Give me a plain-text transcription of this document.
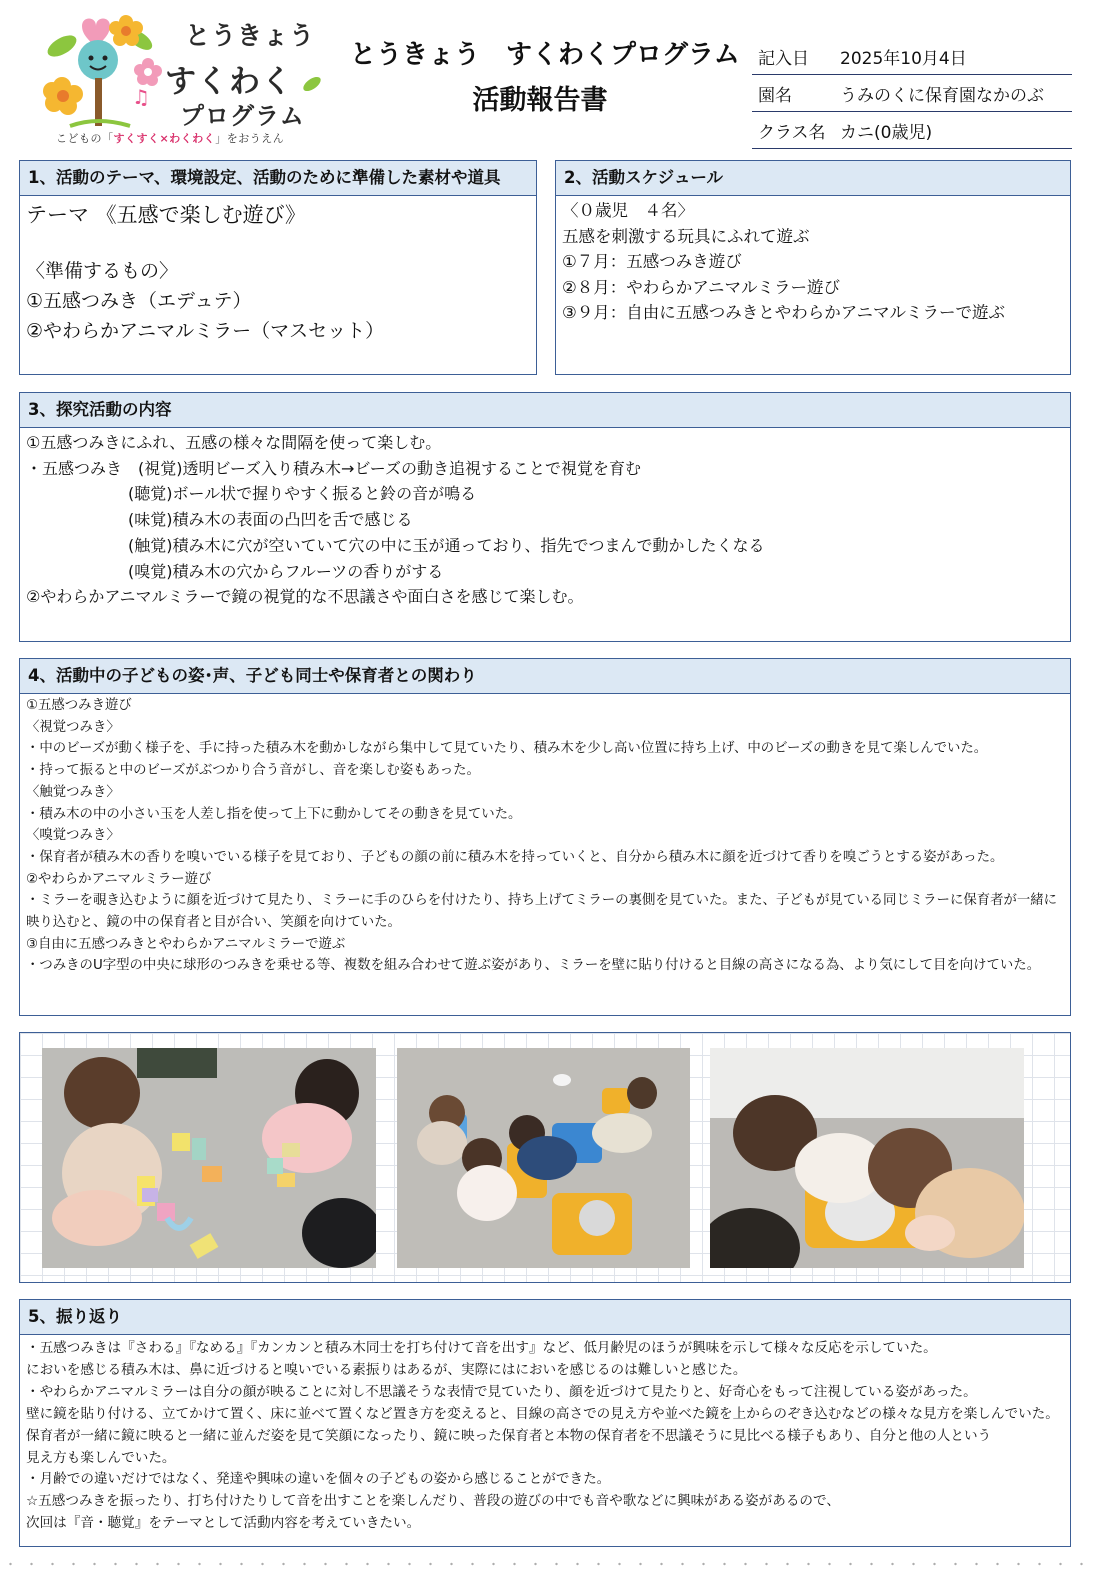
♫
とうきょう
すくわく
プログラム
こどもの「すくすく×わくわく」をおうえん
とうきょう　すくわくプログラム
活動報告書
記入日	2025年10月4日
園名	うみのくに保育園なかのぶ
クラス名 カニ(0歳児)
1、活動のテーマ、環境設定、活動のために準備した素材や道具
テーマ 《五感で楽しむ遊び》
〈準備するもの〉
①五感つみき（エデュテ）
②やわらかアニマルミラー（マスセット）
2、活動スケジュール
〈０歳児　４名〉
五感を刺激する玩具にふれて遊ぶ
①７月：五感つみき遊び
②８月：やわらかアニマルミラー遊び
③９月：自由に五感つみきとやわらかアニマルミラーで遊ぶ
3、探究活動の内容
①五感つみきにふれ、五感の様々な間隔を使って楽しむ。
・五感つみき　(視覚)透明ビーズ入り積み木→ビーズの動き追視することで視覚を育む
(聴覚)ボール状で握りやすく振ると鈴の音が鳴る
(味覚)積み木の表面の凸凹を舌で感じる
(触覚)積み木に穴が空いていて穴の中に玉が通っており、指先でつまんで動かしたくなる
(嗅覚)積み木の穴からフルーツの香りがする
②やわらかアニマルミラーで鏡の視覚的な不思議さや面白さを感じて楽しむ。
4、活動中の子どもの姿･声、子ども同士や保育者との関わり
①五感つみき遊び
〈視覚つみき〉
・中のビーズが動く様子を、手に持った積み木を動かしながら集中して見ていたり、積み木を少し高い位置に持ち上げ、中のビーズの動きを見て楽しんでいた。
・持って振ると中のビーズがぶつかり合う音がし、音を楽しむ姿もあった。
〈触覚つみき〉
・積み木の中の小さい玉を人差し指を使って上下に動かしてその動きを見ていた。
〈嗅覚つみき〉
・保育者が積み木の香りを嗅いでいる様子を見ており、子どもの顔の前に積み木を持っていくと、自分から積み木に顔を近づけて香りを嗅ごうとする姿があった。
②やわらかアニマルミラー遊び
・ミラーを覗き込むように顔を近づけて見たり、ミラーに手のひらを付けたり、持ち上げてミラーの裏側を見ていた。また、子どもが見ている同じミラーに保育者が一緒に
映り込むと、鏡の中の保育者と目が合い、笑顔を向けていた。
③自由に五感つみきとやわらかアニマルミラーで遊ぶ
・つみきのU字型の中央に球形のつみきを乗せる等、複数を組み合わせて遊ぶ姿があり、ミラーを壁に貼り付けると目線の高さになる為、より気にして目を向けていた。
5、振り返り
・五感つみきは『さわる』『なめる』『カンカンと積み木同士を打ち付けて音を出す』など、低月齢児のほうが興味を示して様々な反応を示していた。
においを感じる積み木は、鼻に近づけると嗅いでいる素振りはあるが、実際にはにおいを感じるのは難しいと感じた。
・やわらかアニマルミラーは自分の顔が映ることに対し不思議そうな表情で見ていたり、顔を近づけて見たりと、好奇心をもって注視している姿があった。
壁に鏡を貼り付ける、立てかけて置く、床に並べて置くなど置き方を変えると、目線の高さでの見え方や並べた鏡を上からのぞき込むなどの様々な見方を楽しんでいた。
保育者が一緒に鏡に映ると一緒に並んだ姿を見て笑顔になったり、鏡に映った保育者と本物の保育者を不思議そうに見比べる様子もあり、自分と他の人という
見え方も楽しんでいた。
・月齢での違いだけではなく、発達や興味の違いを個々の子どもの姿から感じることができた。
☆五感つみきを振ったり、打ち付けたりして音を出すことを楽しんだり、普段の遊びの中でも音や歌などに興味がある姿があるので、
次回は『音・聴覚』をテーマとして活動内容を考えていきたい。
